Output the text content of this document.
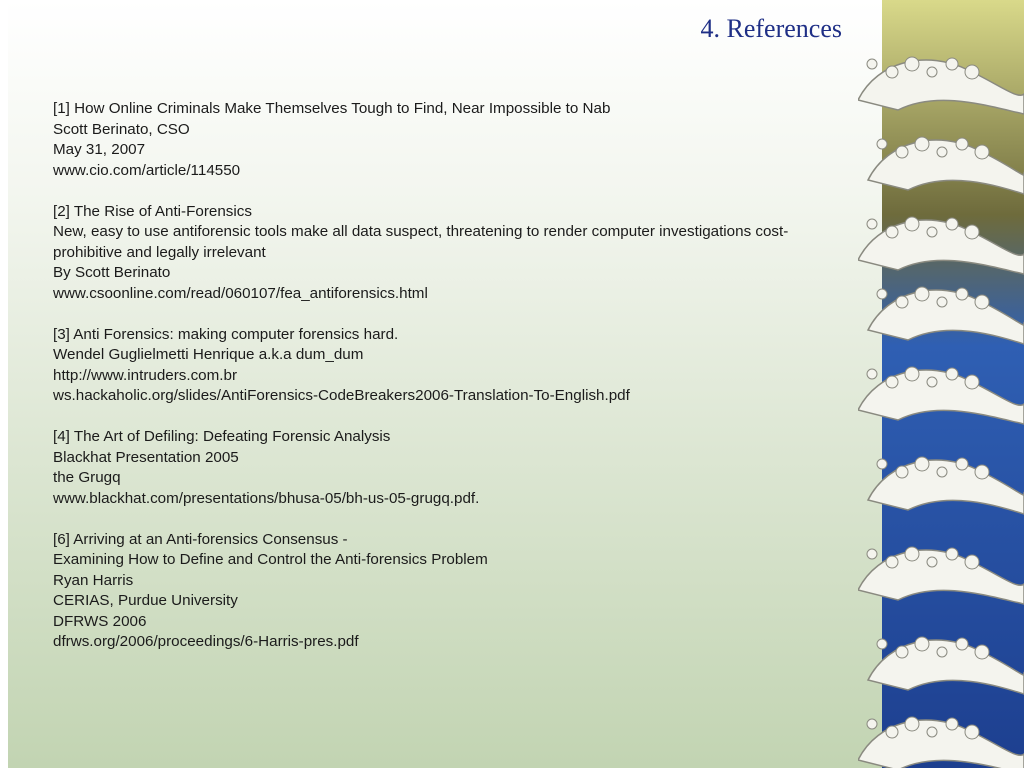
4. References
[1] How Online Criminals Make Themselves Tough to Find, Near Impossible to Nab
Scott Berinato, CSO
May 31, 2007
www.cio.com/article/114550
[2] The Rise of Anti-Forensics
New, easy to use antiforensic tools make all data suspect, threatening to render computer investigations cost-prohibitive and legally irrelevant
By Scott Berinato
www.csoonline.com/read/060107/fea_antiforensics.html
[3] Anti Forensics: making computer forensics hard.
Wendel Guglielmetti Henrique a.k.a dum_dum
http://www.intruders.com.br
ws.hackaholic.org/slides/AntiForensics-CodeBreakers2006-Translation-To-English.pdf
[4] The Art of Defiling: Defeating Forensic Analysis
Blackhat Presentation 2005
the Grugq
www.blackhat.com/presentations/bhusa-05/bh-us-05-grugq.pdf.
[6] Arriving at an Anti-forensics Consensus -
Examining How to Define and Control the Anti-forensics Problem
Ryan Harris
CERIAS, Purdue University
DFRWS 2006
dfrws.org/2006/proceedings/6-Harris-pres.pdf
